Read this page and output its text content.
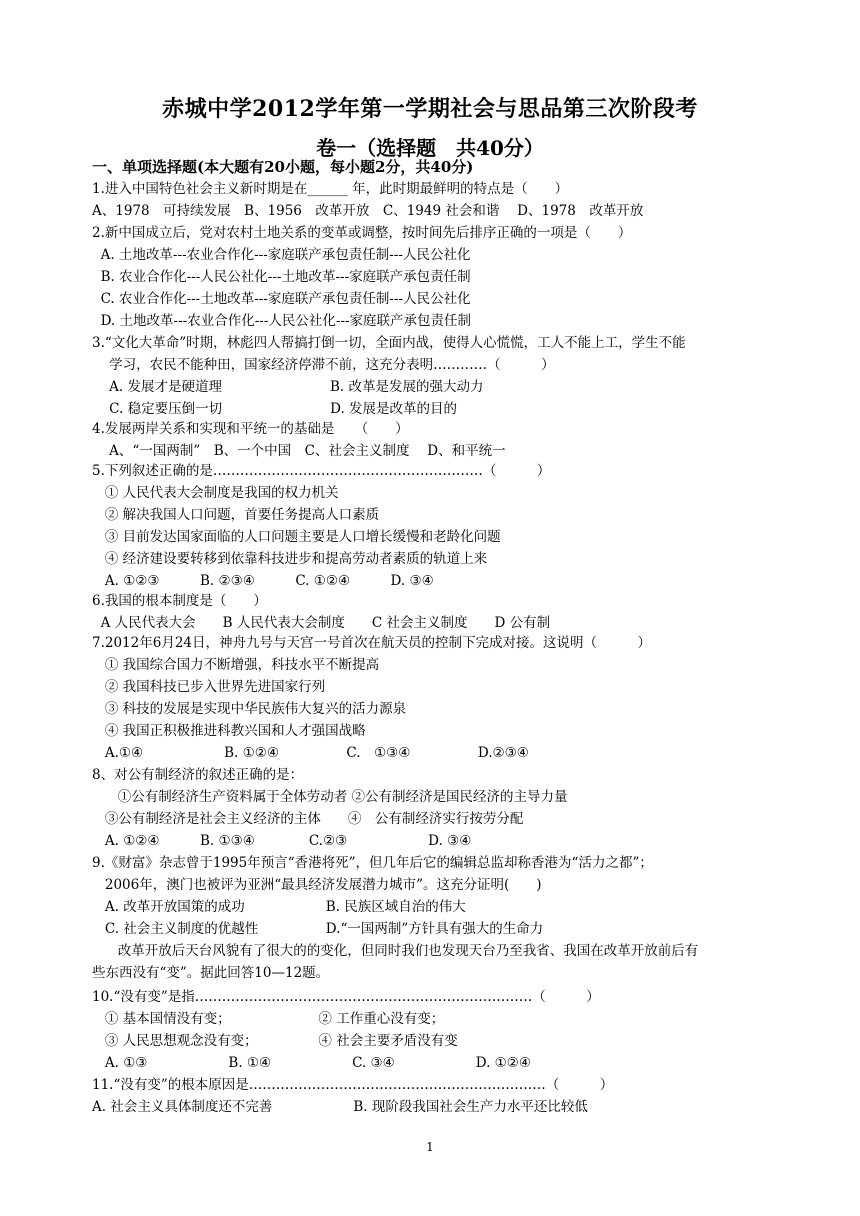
赤城中学2012学年第一学期社会与思品第三次阶段考
卷一（选择题　共40分）
一、单项选择题(本大题有20小题，每小题2分，共40分)
1.进入中国特色社会主义新时期是在______ 年，此时期最鲜明的特点是（　　）
A、1978　可持续发展　B、1956　改革开放　C、1949 社会和谐　 D、1978　改革开放
2.新中国成立后，党对农村土地关系的变革或调整，按时间先后排序正确的一项是（　　）
A. 土地改革---农业合作化---家庭联产承包责任制---人民公社化
B. 农业合作化---人民公社化---土地改革---家庭联产承包责任制
C. 农业合作化---土地改革---家庭联产承包责任制---人民公社化
D. 土地改革---农业合作化---人民公社化---家庭联产承包责任制
3.“文化大革命”时期，林彪四人帮搞打倒一切，全面内战，使得人心慌慌，工人不能上工，学生不能
学习，农民不能种田，国家经济停滞不前，这充分表明…………（　　　）
A. 发展才是硬道理　　　　　　　　B. 改革是发展的强大动力
C. 稳定要压倒一切　　　　　　　　D. 发展是改革的目的
4.发展两岸关系和实现和平统一的基础是　　（　　）
A、“一国两制”　B、一个中国　C、社会主义制度　 D、和平统一
5.下列叙述正确的是……………………………………………………（　　　）
① 人民代表大会制度是我国的权力机关
② 解决我国人口问题，首要任务提高人口素质
③ 目前发达国家面临的人口问题主要是人口增长缓慢和老龄化问题
④ 经济建设要转移到依靠科技进步和提高劳动者素质的轨道上来
A. ①②③　　　B. ②③④　　　C. ①②④　　　D. ③④
6.我国的根本制度是（　　）
A 人民代表大会　　B 人民代表大会制度　　C 社会主义制度　　D 公有制
7.2012年6月24日，神舟九号与天宫一号首次在航天员的控制下完成对接。这说明（　　　）
① 我国综合国力不断增强，科技水平不断提高
② 我国科技已步入世界先进国家行列
③ 科技的发展是实现中华民族伟大复兴的活力源泉
④ 我国正积极推进科教兴国和人才强国战略
A.①④　　　　　　B. ①②④　　　　　C.　①③④　　　　　D.②③④
8、对公有制经济的叙述正确的是：
①公有制经济生产资料属于全体劳动者 ②公有制经济是国民经济的主导力量
③公有制经济是社会主义经济的主体　　④　公有制经济实行按劳分配
A. ①②④　　　B. ①③④　　　　C.②③　　　　　　D. ③④
9.《财富》杂志曾于1995年预言“香港将死”，但几年后它的编辑总监却称香港为“活力之都”；
2006年，澳门也被评为亚洲“最具经济发展潜力城市”。这充分证明(　　)
A. 改革开放国策的成功　　　　　　B. 民族区域自治的伟大
C. 社会主义制度的优越性　　　　　D.“一国两制”方针具有强大的生命力
改革开放后天台风貌有了很大的的变化，但同时我们也发现天台乃至我省、我国在改革开放前后有
些东西没有“变”。据此回答10—12题。
10.“没有变”是指…………………………………………………………………（　　　）
① 基本国情没有变；　　　　　　　② 工作重心没有变；
③ 人民思想观念没有变；　　　　　④ 社会主要矛盾没有变
A. ①③　　　　　　B. ①④　　　　　　C. ③④　　　　　　D. ①②④
11.“没有变”的根本原因是…………………………………………………………（　　　）
A. 社会主义具体制度还不完善　　　　　　B. 现阶段我国社会生产力水平还比较低
1
